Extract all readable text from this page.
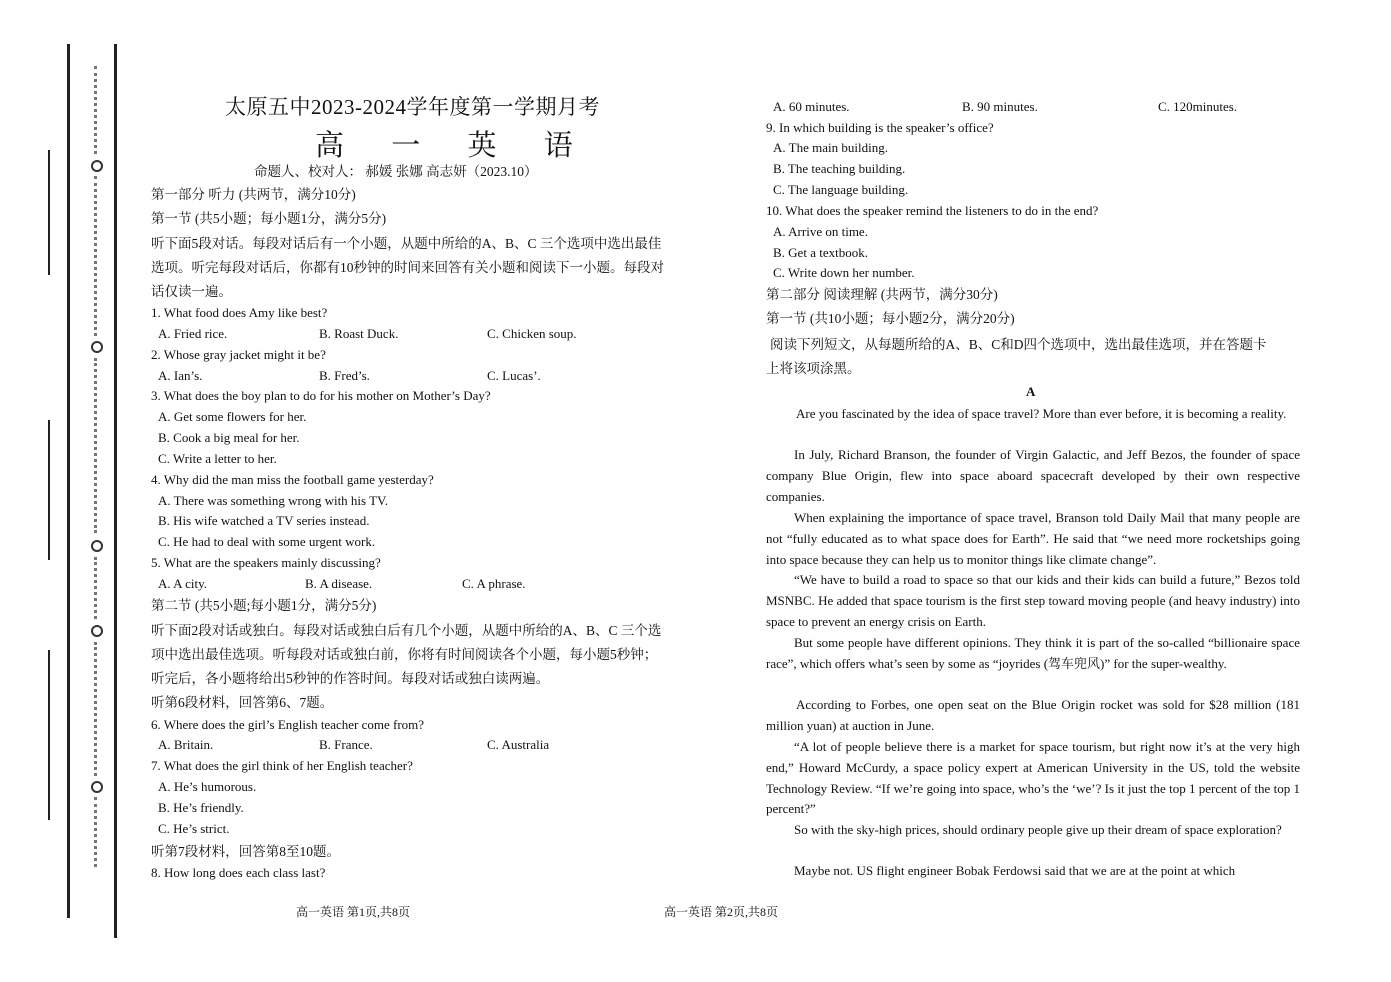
太原五中2023-2024学年度第一学期月考
高 一 英 语
命题人、校对人： 郝媛 张娜 高志妍（2023.10）
第一部分 听力 (共两节，满分10分)
第一节 (共5小题；每小题1分，满分5分)
听下面5段对话。每段对话后有一个小题，从题中所给的A、B、C 三个选项中选出最佳
选项。听完每段对话后，你都有10秒钟的时间来回答有关小题和阅读下一小题。每段对
话仅读一遍。
1. What food does Amy like best?
A. Fried rice.	B. Roast Duck.	C. Chicken soup.
2. Whose gray jacket might it be?
A. Ian’s.	B. Fred’s.	C. Lucas’.
3. What does the boy plan to do for his mother on Mother’s Day?
A. Get some flowers for her.
B. Cook a big meal for her.
C. Write a letter to her.
4. Why did the man miss the football game yesterday?
A. There was something wrong with his TV.
B. His wife watched a TV series instead.
C. He had to deal with some urgent work.
5. What are the speakers mainly discussing?
A. A city.	B. A disease.	C. A phrase.
第二节 (共5小题;每小题1分，满分5分)
听下面2段对话或独白。每段对话或独白后有几个小题，从题中所给的A、B、C 三个选
项中选出最佳选项。听每段对话或独白前，你将有时间阅读各个小题，每小题5秒钟；
听完后，各小题将给出5秒钟的作答时间。每段对话或独白读两遍。
听第6段材料，回答第6、7题。
6. Where does the girl’s English teacher come from?
A. Britain.	B. France.	C. Australia
7. What does the girl think of her English teacher?
A. He’s humorous.
B. He’s friendly.
C. He’s strict.
听第7段材料，回答第8至10题。
8. How long does each class last?
高一英语 第1页,共8页
A. 60 minutes.	B. 90 minutes.	C. 120minutes.
9. In which building is the speaker’s office?
A. The main building.
B. The teaching building.
C. The language building.
10. What does the speaker remind the listeners to do in the end?
A. Arrive on time.
B. Get a textbook.
C. Write down her number.
第二部分 阅读理解 (共两节，满分30分)
第一节 (共10小题；每小题2分，满分20分)
阅读下列短文，从每题所给的A、B、C和D四个选项中，选出最佳选项，并在答题卡
上将该项涂黑。
A
Are you fascinated by the idea of space travel? More than ever before, it is becoming a reality.
In July, Richard Branson, the founder of Virgin Galactic, and Jeff Bezos, the founder of space company Blue Origin, flew into space aboard spacecraft developed by their own respective companies.
When explaining the importance of space travel, Branson told Daily Mail that many people are not “fully educated as to what space does for Earth”. He said that “we need more rocketships going into space because they can help us to monitor things like climate change”.
“We have to build a road to space so that our kids and their kids can build a future,” Bezos told MSNBC. He added that space tourism is the first step toward moving people (and heavy industry) into space to prevent an energy crisis on Earth.
But some people have different opinions. They think it is part of the so-called “billionaire space race”, which offers what’s seen by some as “joyrides (驾车兜风)” for the super-wealthy.
According to Forbes, one open seat on the Blue Origin rocket was sold for $28 million (181 million yuan) at auction in June.
“A lot of people believe there is a market for space tourism, but right now it’s at the very high end,” Howard McCurdy, a space policy expert at American University in the US, told the website Technology Review. “If we’re going into space, who’s the ‘we’? Is it just the top 1 percent of the top 1 percent?”
So with the sky-high prices, should ordinary people give up their dream of space exploration?
Maybe not. US flight engineer Bobak Ferdowsi said that we are at the point at which
高一英语 第2页,共8页
